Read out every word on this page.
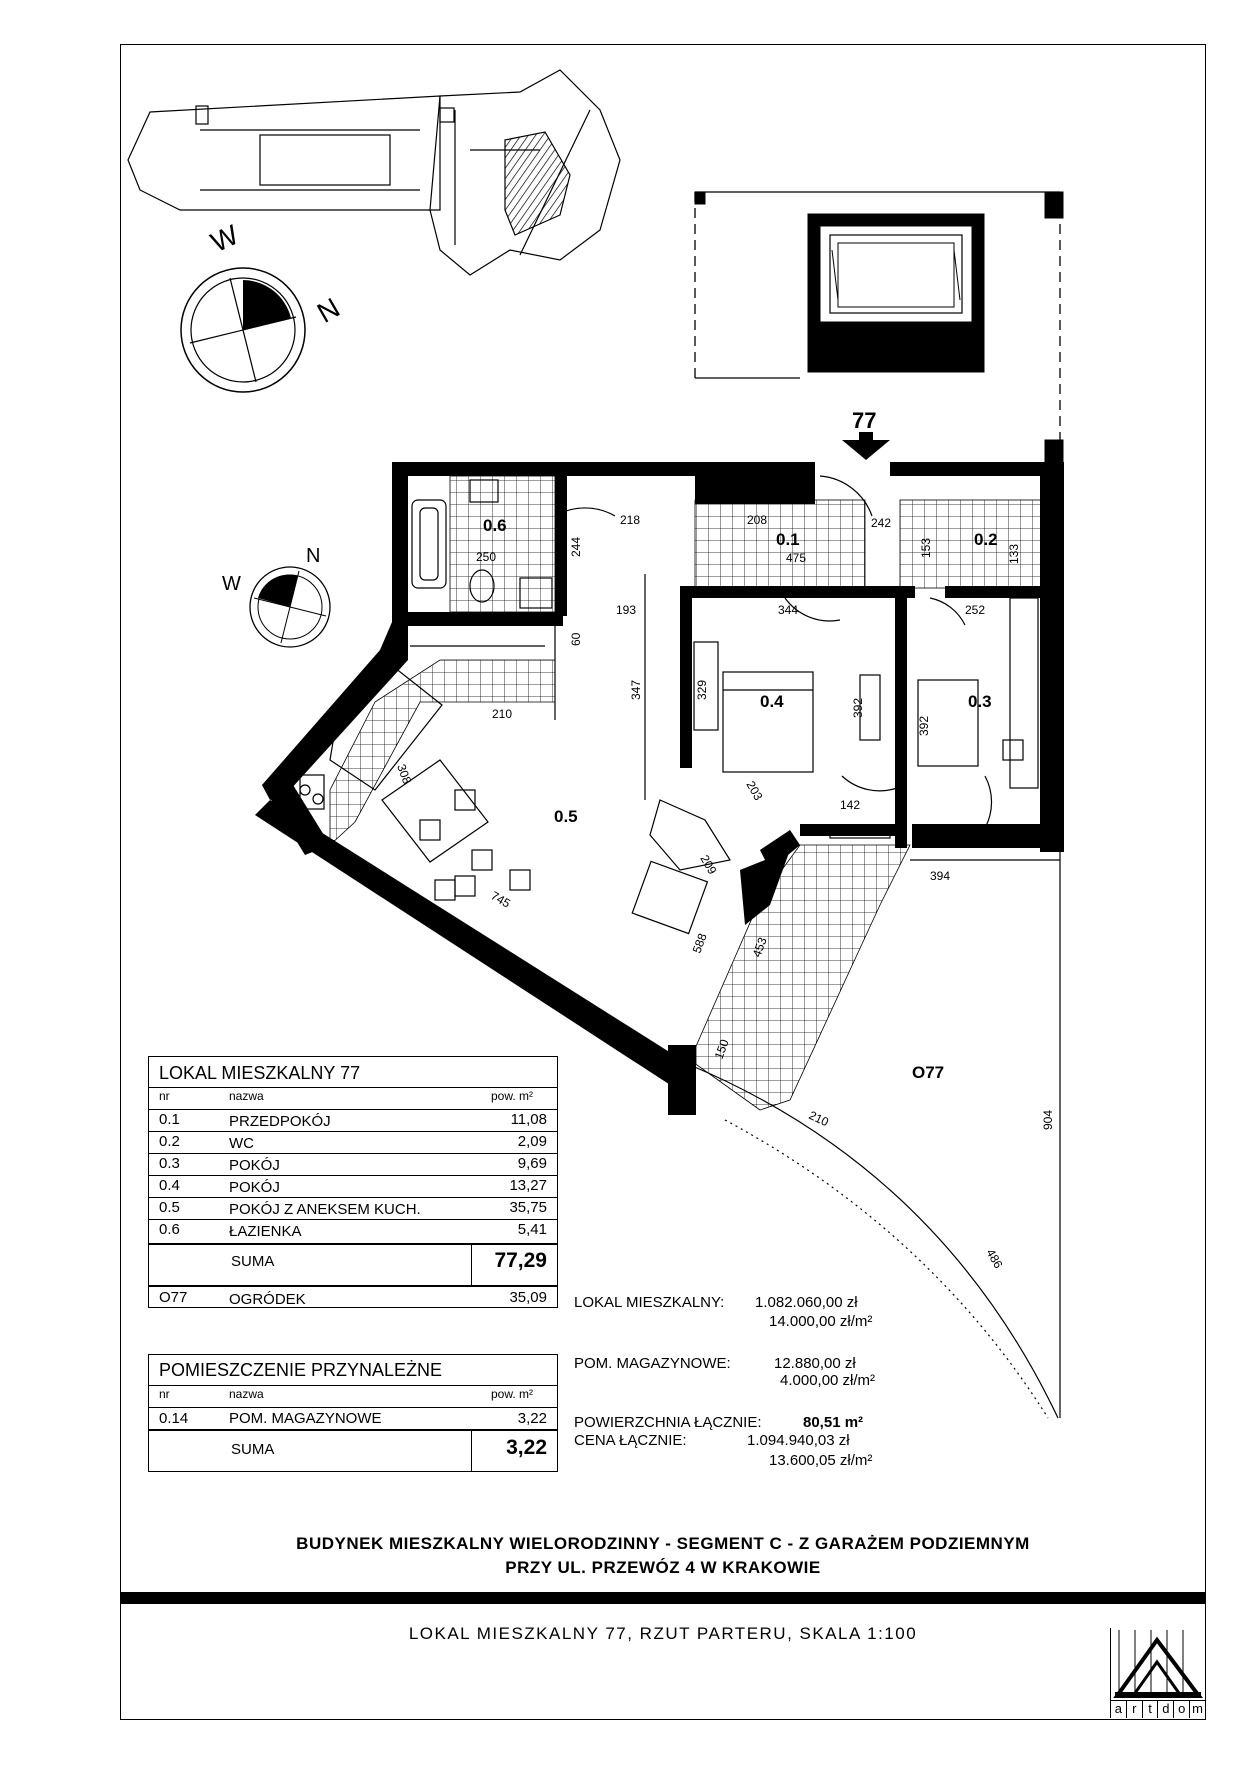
W
N
W
N
77
0.6
0.1	0.2
0.4	0.3
0.5
O77
218	208	242
475
250	244
193	344	252
347	329
392
392
60
210
308
203
142
209
745
394
904
210
486
453
150
588
133
153
LOKAL MIESZKALNY 77
nr	nazwa	pow. m²
0.1	PRZEDPOKÓJ	11,08
0.2	WC	2,09
0.3	POKÓJ	9,69
0.4	POKÓJ	13,27
0.5	POKÓJ Z ANEKSEM KUCH.	35,75
0.6	ŁAZIENKA	5,41
SUMA	77,29
O77	OGRÓDEK	35,09
POMIESZCZENIE PRZYNALEŻNE
nr	nazwa	pow. m²
0.14	POM. MAGAZYNOWE	3,22
SUMA	3,22
LOKAL MIESZKALNY: 1.082.060,00 zł
14.000,00 zł/m²
POM. MAGAZYNOWE:	12.880,00 zł
4.000,00 zł/m²
POWIERZCHNIA ŁĄCZNIE:	80,51 m²
CENA ŁĄCZNIE:	1.094.940,03 zł
13.600,05 zł/m²
BUDYNEK MIESZKALNY WIELORODZINNY - SEGMENT C - Z GARAŻEM PODZIEMNYM
PRZY UL. PRZEWÓZ 4 W KRAKOWIE
LOKAL MIESZKALNY 77, RZUT PARTERU, SKALA 1:100
a r t d o m
